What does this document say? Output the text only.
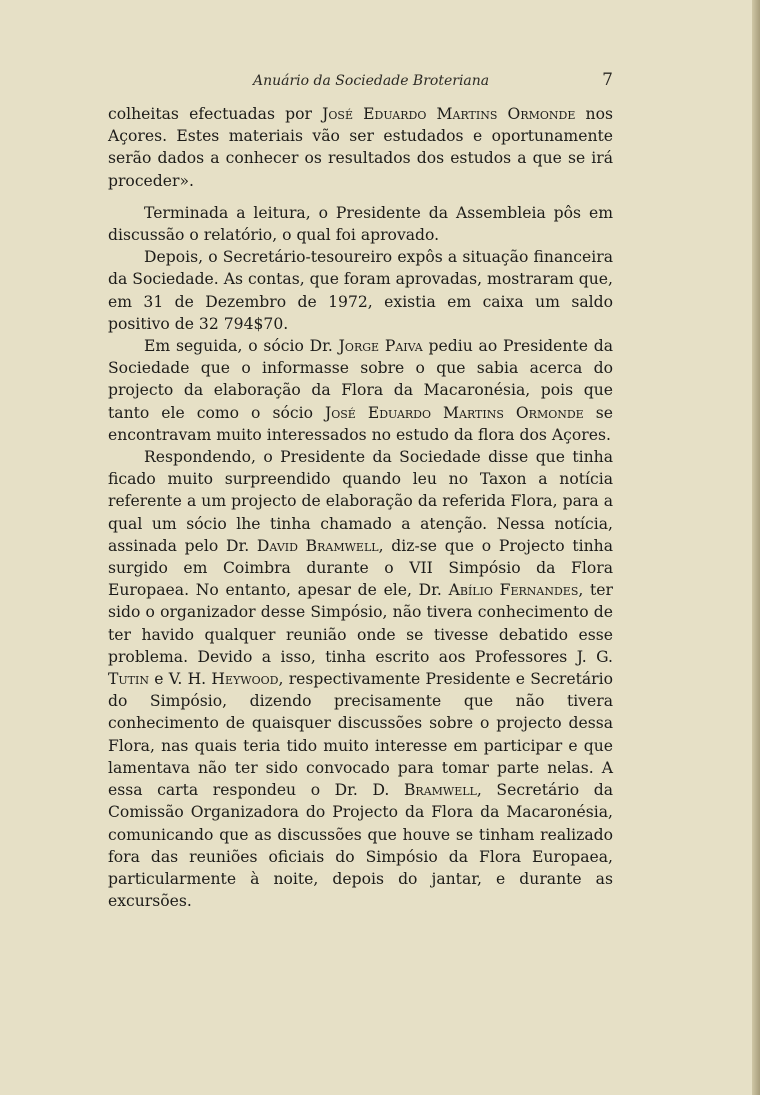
Anuário da Sociedade Broteriana	7

colheitas efectuadas por José Eduardo Martins Ormonde nos Açores. Estes materiais vão ser estudados e oportunamente serão dados a conhecer os resultados dos estudos a que se irá proceder».

Terminada a leitura, o Presidente da Assembleia pôs em discussão o relatório, o qual foi aprovado.

Depois, o Secretário-tesoureiro expôs a situação financeira da Sociedade. As contas, que foram aprovadas, mostraram que, em 31 de Dezembro de 1972, existia em caixa um saldo positivo de 32 794$70.

Em seguida, o sócio Dr. Jorge Paiva pediu ao Presidente da Sociedade que o informasse sobre o que sabia acerca do projecto da elaboração da Flora da Macaronésia, pois que tanto ele como o sócio José Eduardo Martins Ormonde se encontravam muito interessados no estudo da flora dos Açores.

Respondendo, o Presidente da Sociedade disse que tinha ficado muito surpreendido quando leu no Taxon a notícia referente a um projecto de elaboração da referida Flora, para a qual um sócio lhe tinha chamado a atenção. Nessa notícia, assinada pelo Dr. David Bramwell, diz-se que o Projecto tinha surgido em Coimbra durante o VII Simpósio da Flora Europaea. No entanto, apesar de ele, Dr. Abílio Fernandes, ter sido o organizador desse Simpósio, não tivera conhecimento de ter havido qualquer reunião onde se tivesse debatido esse problema. Devido a isso, tinha escrito aos Professores J. G. Tutin e V. H. Heywood, respectivamente Presidente e Secretário do Simpósio, dizendo precisamente que não tivera conhecimento de quaisquer discussões sobre o projecto dessa Flora, nas quais teria tido muito interesse em participar e que lamentava não ter sido convocado para tomar parte nelas. A essa carta respondeu o Dr. D. Bramwell, Secretário da Comissão Organizadora do Projecto da Flora da Macaronésia, comunicando que as discussões que houve se tinham realizado fora das reuniões oficiais do Simpósio da Flora Europaea, particularmente à noite, depois do jantar, e durante as excursões.
